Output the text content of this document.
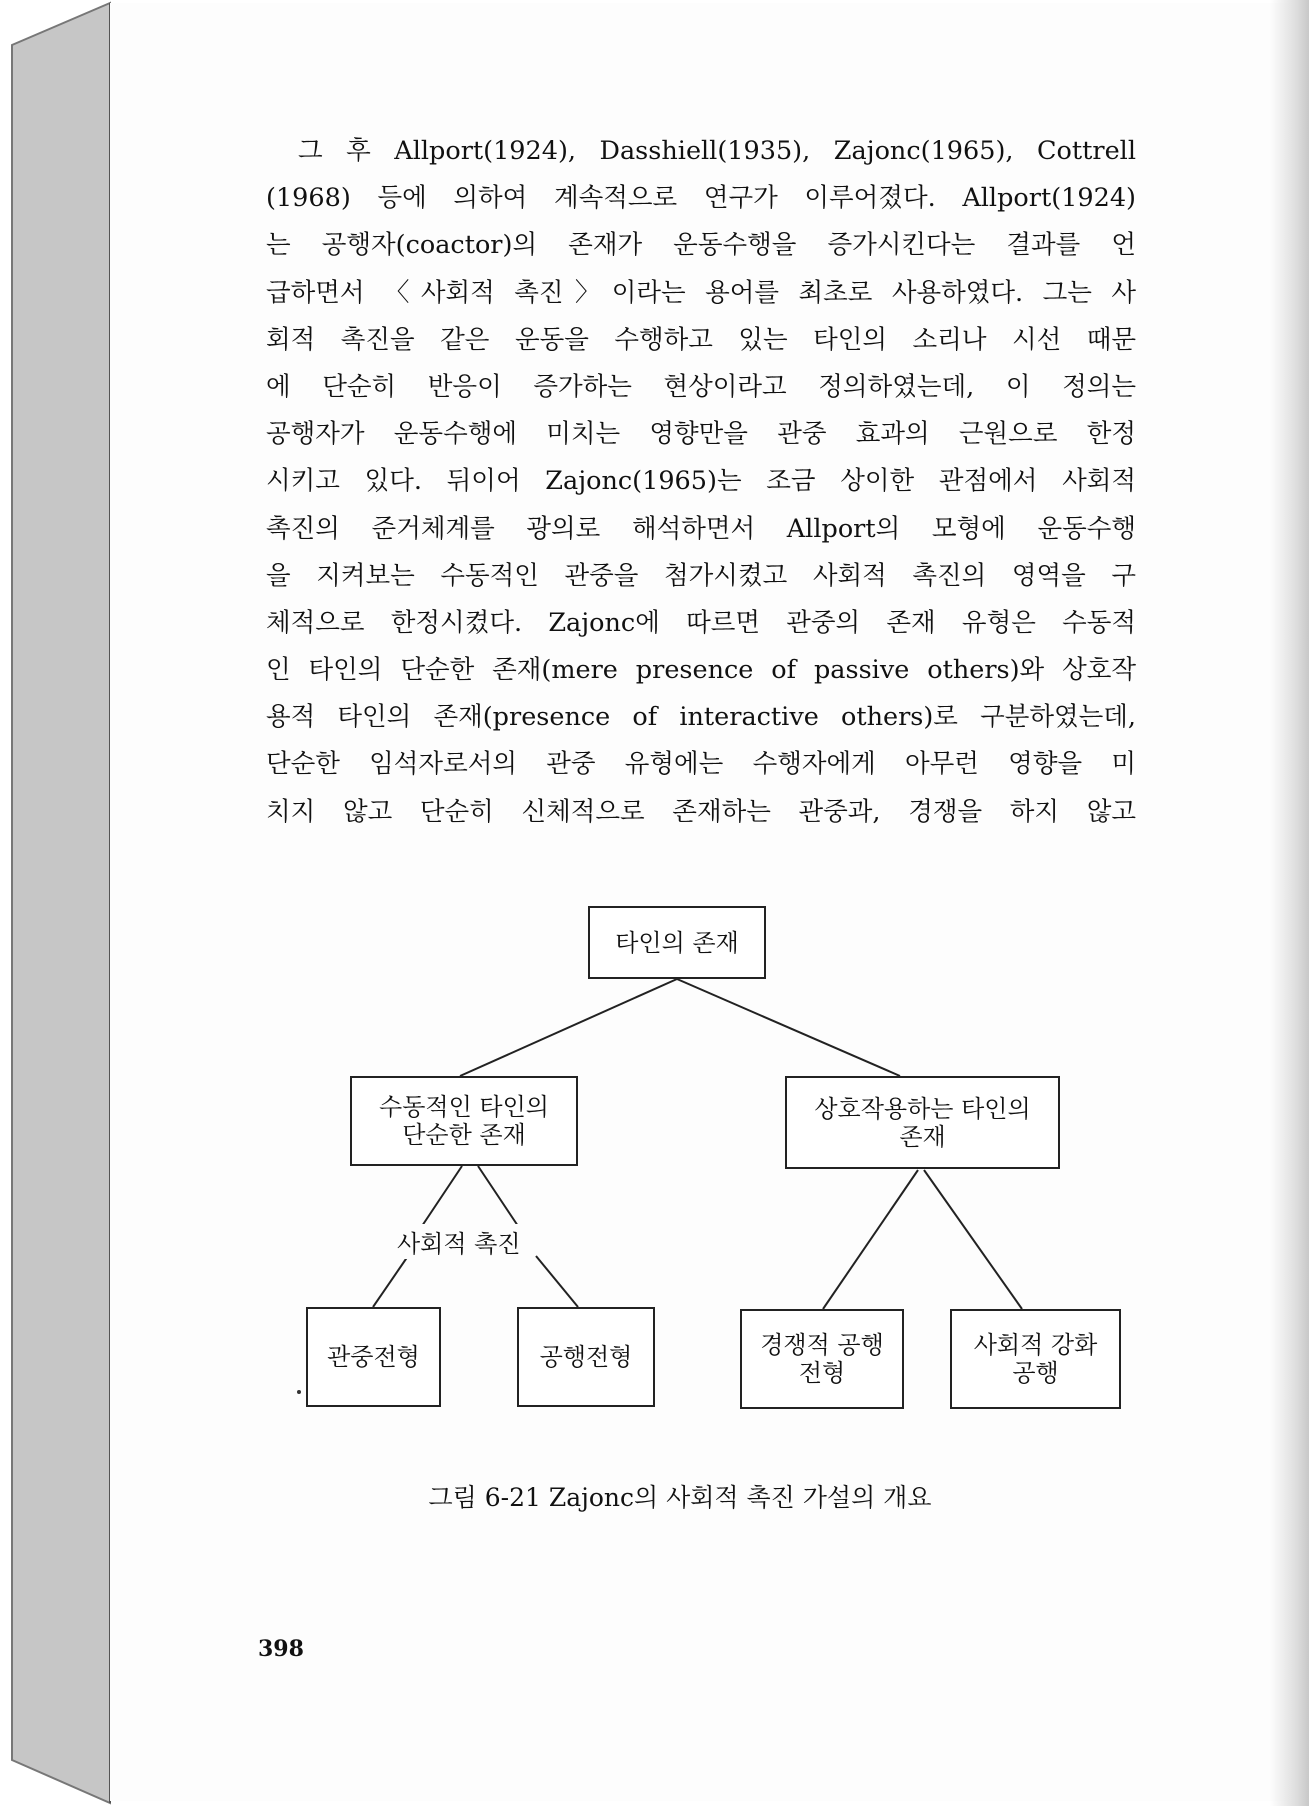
그 후 Allport(1924), Dasshiell(1935), Zajonc(1965), Cottrell
(1968) 등에 의하여 계속적으로 연구가 이루어졌다. Allport(1924)
는 공행자(coactor)의 존재가 운동수행을 증가시킨다는 결과를 언
급하면서 〈사회적 촉진〉이라는 용어를 최초로 사용하였다. 그는 사
회적 촉진을 같은 운동을 수행하고 있는 타인의 소리나 시선 때문
에 단순히 반응이 증가하는 현상이라고 정의하였는데, 이 정의는
공행자가 운동수행에 미치는 영향만을 관중 효과의 근원으로 한정
시키고 있다. 뒤이어 Zajonc(1965)는 조금 상이한 관점에서 사회적
촉진의 준거체계를 광의로 해석하면서 Allport의 모형에 운동수행
을 지켜보는 수동적인 관중을 첨가시켰고 사회적 촉진의 영역을 구
체적으로 한정시켰다. Zajonc에 따르면 관중의 존재 유형은 수동적
인 타인의 단순한 존재(mere presence of passive others)와 상호작
용적 타인의 존재(presence of interactive others)로 구분하였는데,
단순한 임석자로서의 관중 유형에는 수행자에게 아무런 영향을 미
치지 않고 단순히 신체적으로 존재하는 관중과, 경쟁을 하지 않고
타인의 존재
수동적인 타인의
단순한 존재
상호작용하는 타인의
존재
사회적 촉진
관중전형	공행전형	경쟁적 공행
전형
사회적 강화
공행
그림 6-21 Zajonc의 사회적 촉진 가설의 개요
398
